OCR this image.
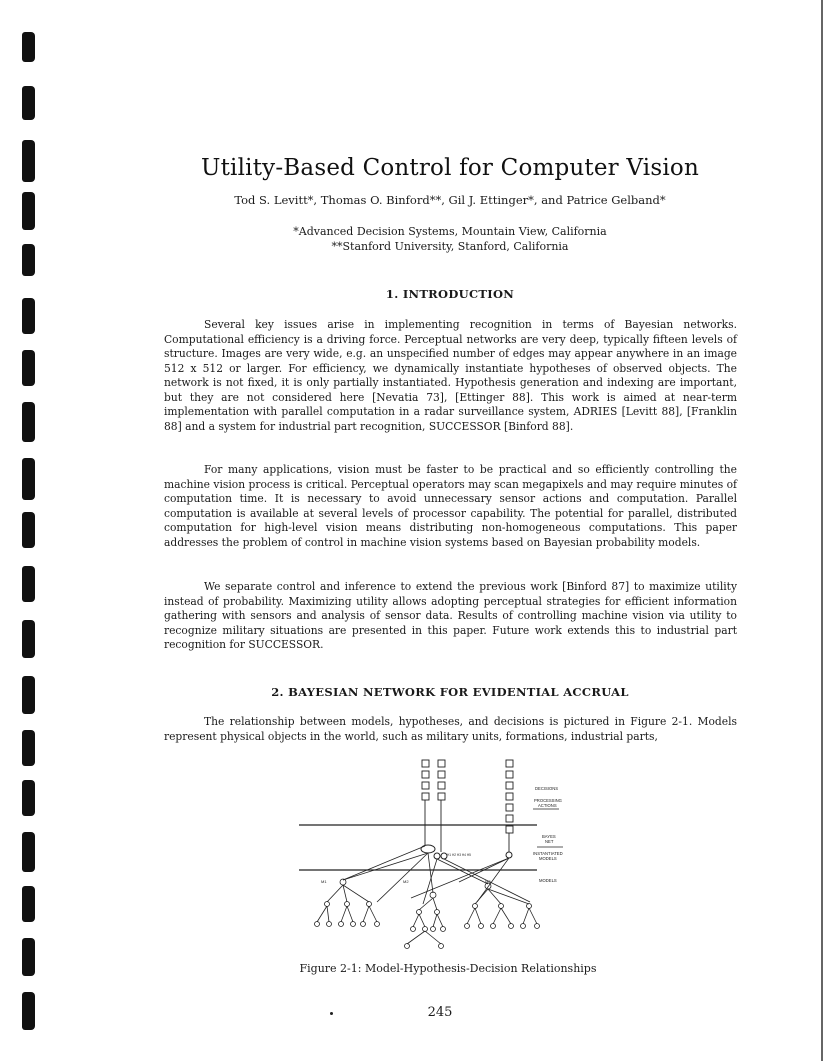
Utility-Based Control for Computer Vision
Tod S. Levitt*, Thomas O. Binford**, Gil J. Ettinger*, and Patrice Gelband*
*Advanced Decision Systems, Mountain View, California
**Stanford University, Stanford, California
1. INTRODUCTION

Several key issues arise in implementing recognition in terms of Bayesian networks. Computational efficiency is a driving force. Perceptual networks are very deep, typically fifteen levels of structure. Images are very wide, e.g. an unspecified number of edges may appear anywhere in an image 512 x 512 or larger. For efficiency, we dynamically instantiate hypotheses of observed objects. The network is not fixed, it is only partially instantiated. Hypothesis generation and indexing are important, but they are not considered here [Nevatia 73], [Ettinger 88]. This work is aimed at near-term implementation with parallel computation in a radar surveillance system, ADRIES [Levitt 88], [Franklin 88] and a system for industrial part recognition, SUCCESSOR [Binford 88].

For many applications, vision must be faster to be practical and so efficiently controlling the machine vision process is critical. Perceptual operators may scan megapixels and may require minutes of computation time. It is necessary to avoid unnecessary sensor actions and computation. Parallel computation is available at several levels of processor capability. The potential for parallel, distributed computation for high-level vision means distributing non-homogeneous computations. This paper addresses the problem of control in machine vision systems based on Bayesian probability models.

We separate control and inference to extend the previous work [Binford 87] to maximize utility instead of probability. Maximizing utility allows adopting perceptual strategies for efficient information gathering with sensors and analysis of sensor data. Results of controlling machine vision via utility to recognize military situations are presented in this paper. Future work extends this to industrial part recognition for SUCCESSOR.

2. BAYESIAN NETWORK FOR EVIDENTIAL ACCRUAL

The relationship between models, hypotheses, and decisions is pictured in Figure 2-1. Models represent physical objects in the world, such as military units, formations, industrial parts,

DECISIONS
PROCESSING
ACTIONS
BAYES
NET
INSTANTIATED
MODELS
MODELS
H1 H2 H3 H4 H5
M1	M2	M3
Figure 2-1: Model-Hypothesis-Decision Relationships
245
